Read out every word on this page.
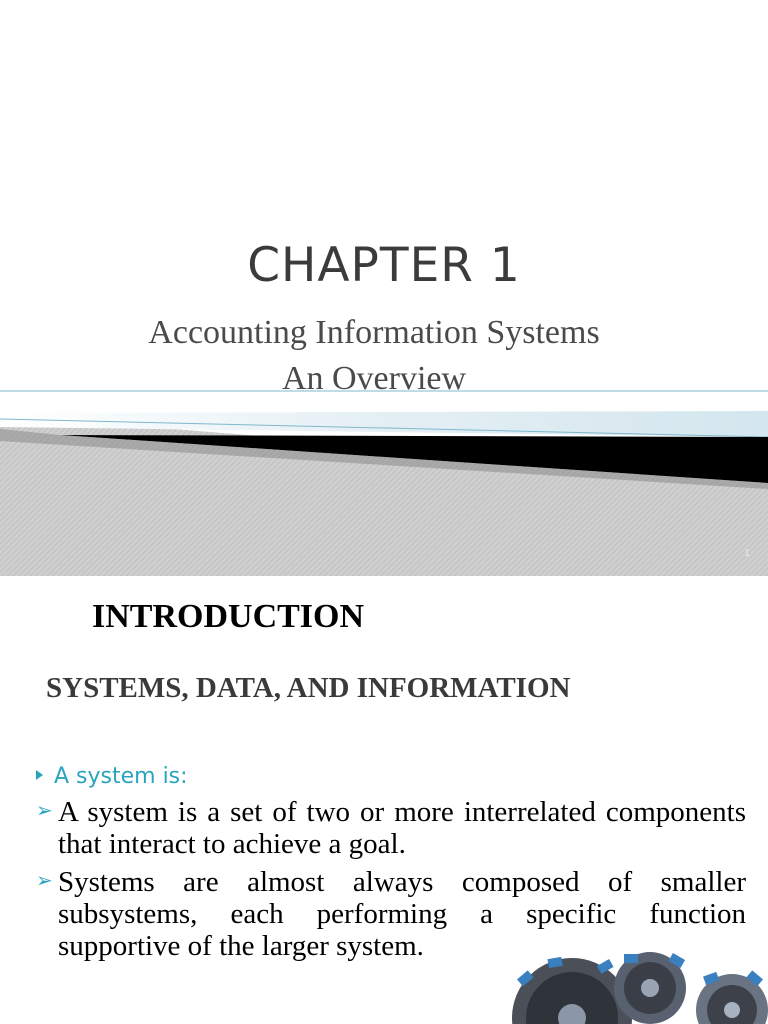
CHAPTER 1
Accounting Information Systems
An Overview
1
INTRODUCTION
SYSTEMS, DATA, AND INFORMATION
A system is:
➢ A system is a set of two or more interrelated components that interact to achieve a goal.
➢ Systems are almost always composed of smaller subsystems, each performing a specific function supportive of the larger system.
